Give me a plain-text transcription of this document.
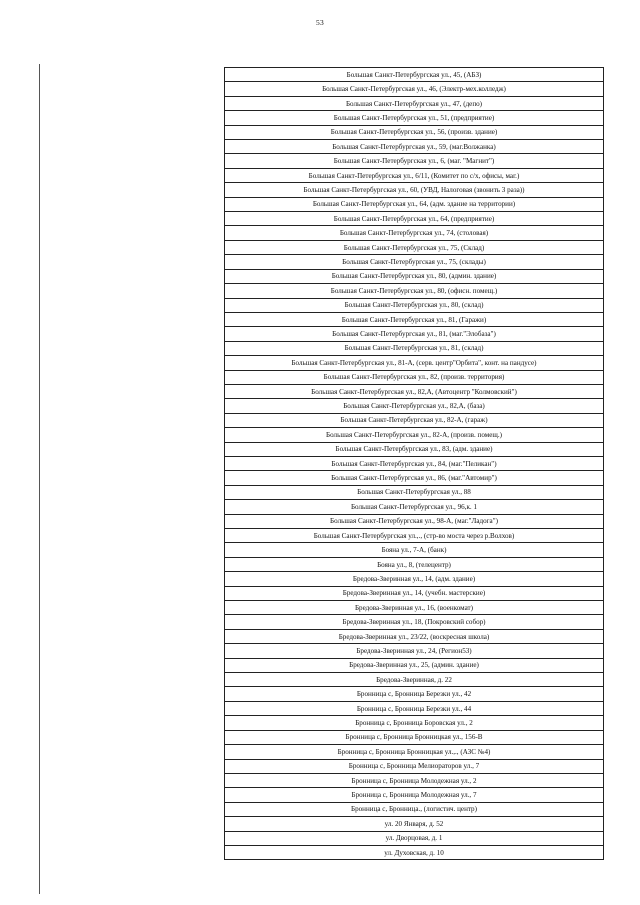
53
Большая Санкт-Петербургская ул., 45, (АБЗ)
Большая Санкт-Петербургская ул., 46, (Электр-мех.колледж)
Большая Санкт-Петербургская ул., 47, (депо)
Большая Санкт-Петербургская ул., 51, (предприятие)
Большая Санкт-Петербургская ул., 56, (произв. здание)
Большая Санкт-Петербургская ул., 59, (маг.Волжанка)
Большая Санкт-Петербургская ул., 6, (маг. "Магнит")
Большая Санкт-Петербургская ул., 6/11, (Комитет по с/х, офисы, маг.)
Большая Санкт-Петербургская ул., 60, (УВД, Налоговая (звонить 3 раза))
Большая Санкт-Петербургская ул., 64, (адм. здание на территории)
Большая Санкт-Петербургская ул., 64, (предприятие)
Большая Санкт-Петербургская ул., 74, (столовая)
Большая Санкт-Петербургская ул., 75, (Склад)
Большая Санкт-Петербургская ул., 75, (склады)
Большая Санкт-Петербургская ул., 80, (админ. здание)
Большая Санкт-Петербургская ул., 80, (офисн. помещ.)
Большая Санкт-Петербургская ул., 80, (склад)
Большая Санкт-Петербургская ул., 81, (Гаражи)
Большая Санкт-Петербургская ул., 81, (маг."Элобаза")
Большая Санкт-Петербургская ул., 81, (склад)
Большая Санкт-Петербургская ул., 81-А, (серв. центр"Орбита", конт. на пандусе)
Большая Санкт-Петербургская ул., 82, (произв. территория)
Большая Санкт-Петербургская ул., 82,А, (Автоцентр "Колмовский")
Большая Санкт-Петербургская ул., 82,А, (база)
Большая Санкт-Петербургская ул., 82-А, (гараж)
Большая Санкт-Петербургская ул., 82-А, (произв. помещ.)
Большая Санкт-Петербургская ул., 83, (адм. здание)
Большая Санкт-Петербургская ул., 84, (маг."Пеликан")
Большая Санкт-Петербургская ул., 86, (маг."Автомир")
Большая Санкт-Петербургская ул., 88
Большая Санкт-Петербургская ул., 96,к. 1
Большая Санкт-Петербургская ул., 98-А, (маг."Ладога")
Большая Санкт-Петербургская ул.,., (стр-во моста через р.Волхов)
Бояна ул., 7-А, (банк)
Бояна ул., 8, (телецентр)
Бредова-Зверинная ул., 14, (адм. здание)
Бредова-Зверинная ул., 14, (учебн. мастерские)
Бредова-Зверинная ул., 16, (военкомат)
Бредова-Зверинная ул., 18, (Покровский собор)
Бредова-Зверинная ул., 23/22, (воскресная школа)
Бредова-Зверинная ул., 24, (Регион53)
Бредова-Зверинная ул., 25, (админ. здание)
Бредова-Зверинная, д. 22
Бронница с, Бронница Березки ул., 42
Бронница с, Бронница Березки ул., 44
Бронница с, Бронница Боровская ул., 2
Бронница с, Бронница Бронницкая ул., 156-В
Бронница с, Бронница Бронницкая ул.,., (АЗС №4)
Бронница с, Бронница Мелиораторов ул., 7
Бронница с, Бронница Молодежная ул., 2
Бронница с, Бронница Молодежная ул., 7
Бронница с, Бронница., (логистич. центр)
ул. 20 Января, д. 52
ул. Дворцовая, д. 1
ул. Духовская, д. 10
